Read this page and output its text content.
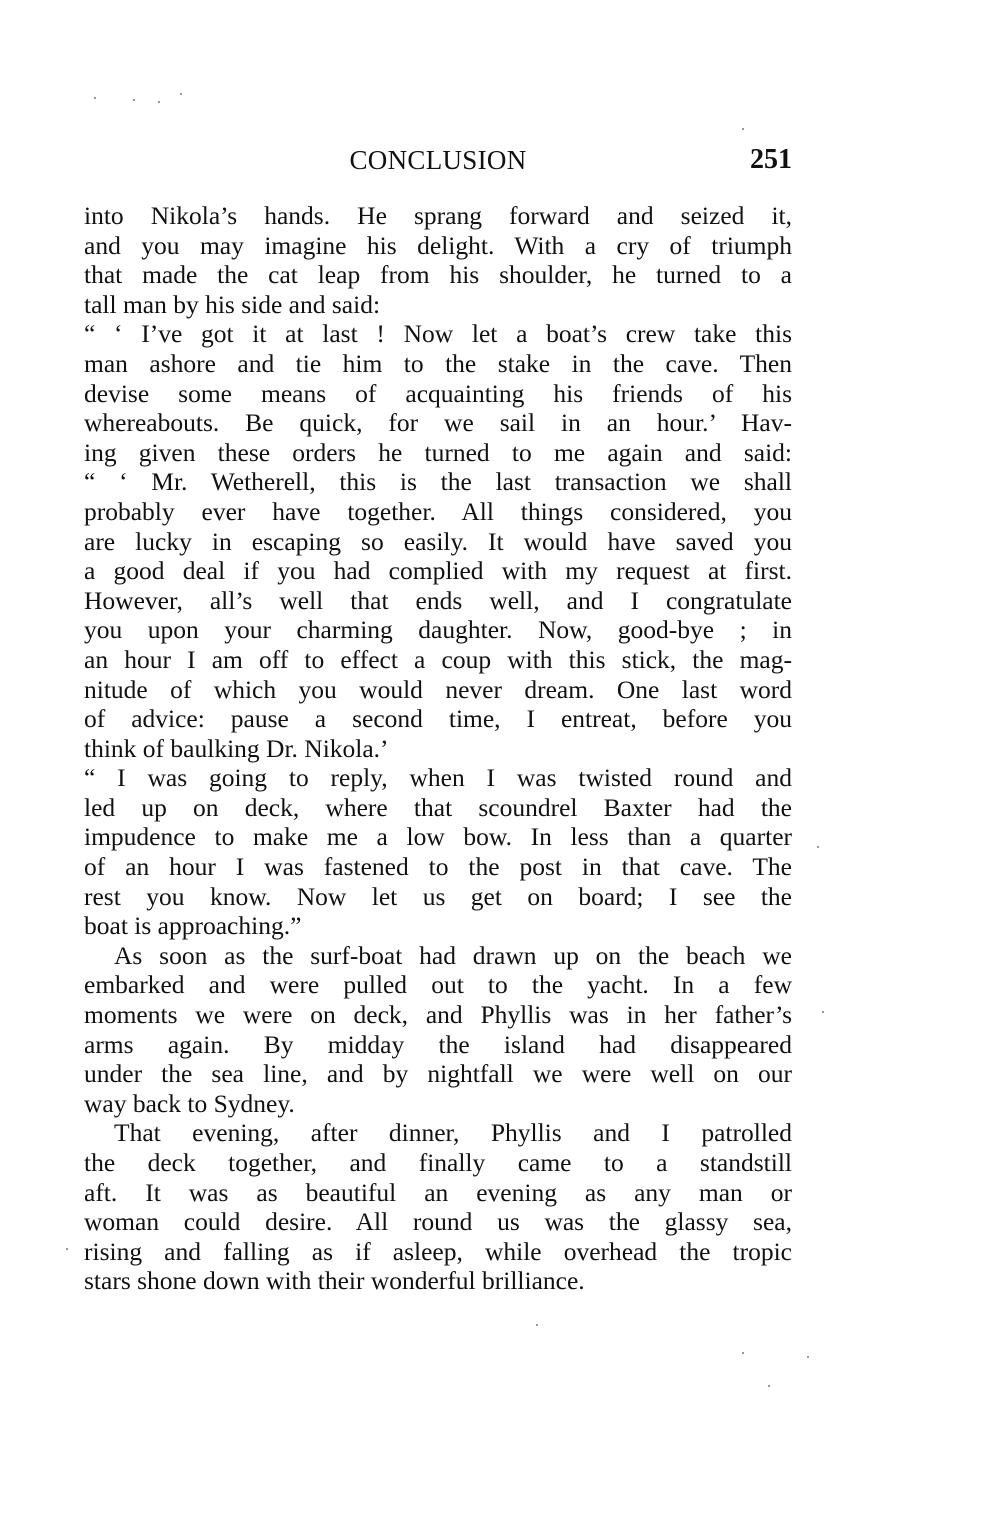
CONCLUSION	251
into Nikola’s hands. He sprang forward and seized it,
and you may imagine his delight. With a cry of triumph
that made the cat leap from his shoulder, he turned to a
tall man by his side and said:
“ ‘ I’ve got it at last ! Now let a boat’s crew take this
man ashore and tie him to the stake in the cave. Then
devise some means of acquainting his friends of his
whereabouts. Be quick, for we sail in an hour.’ Hav-
ing given these orders he turned to me again and said:
“ ‘ Mr. Wetherell, this is the last transaction we shall
probably ever have together. All things considered, you
are lucky in escaping so easily. It would have saved you
a good deal if you had complied with my request at first.
However, all’s well that ends well, and I congratulate
you upon your charming daughter. Now, good-bye ; in
an hour I am off to effect a coup with this stick, the mag-
nitude of which you would never dream. One last word
of advice: pause a second time, I entreat, before you
think of baulking Dr. Nikola.’
“ I was going to reply, when I was twisted round and
led up on deck, where that scoundrel Baxter had the
impudence to make me a low bow. In less than a quarter
of an hour I was fastened to the post in that cave. The
rest you know. Now let us get on board; I see the
boat is approaching.”
As soon as the surf-boat had drawn up on the beach we
embarked and were pulled out to the yacht. In a few
moments we were on deck, and Phyllis was in her father’s
arms again. By midday the island had disappeared
under the sea line, and by nightfall we were well on our
way back to Sydney.
That evening, after dinner, Phyllis and I patrolled
the deck together, and finally came to a standstill
aft. It was as beautiful an evening as any man or
woman could desire. All round us was the glassy sea,
rising and falling as if asleep, while overhead the tropic
stars shone down with their wonderful brilliance.
